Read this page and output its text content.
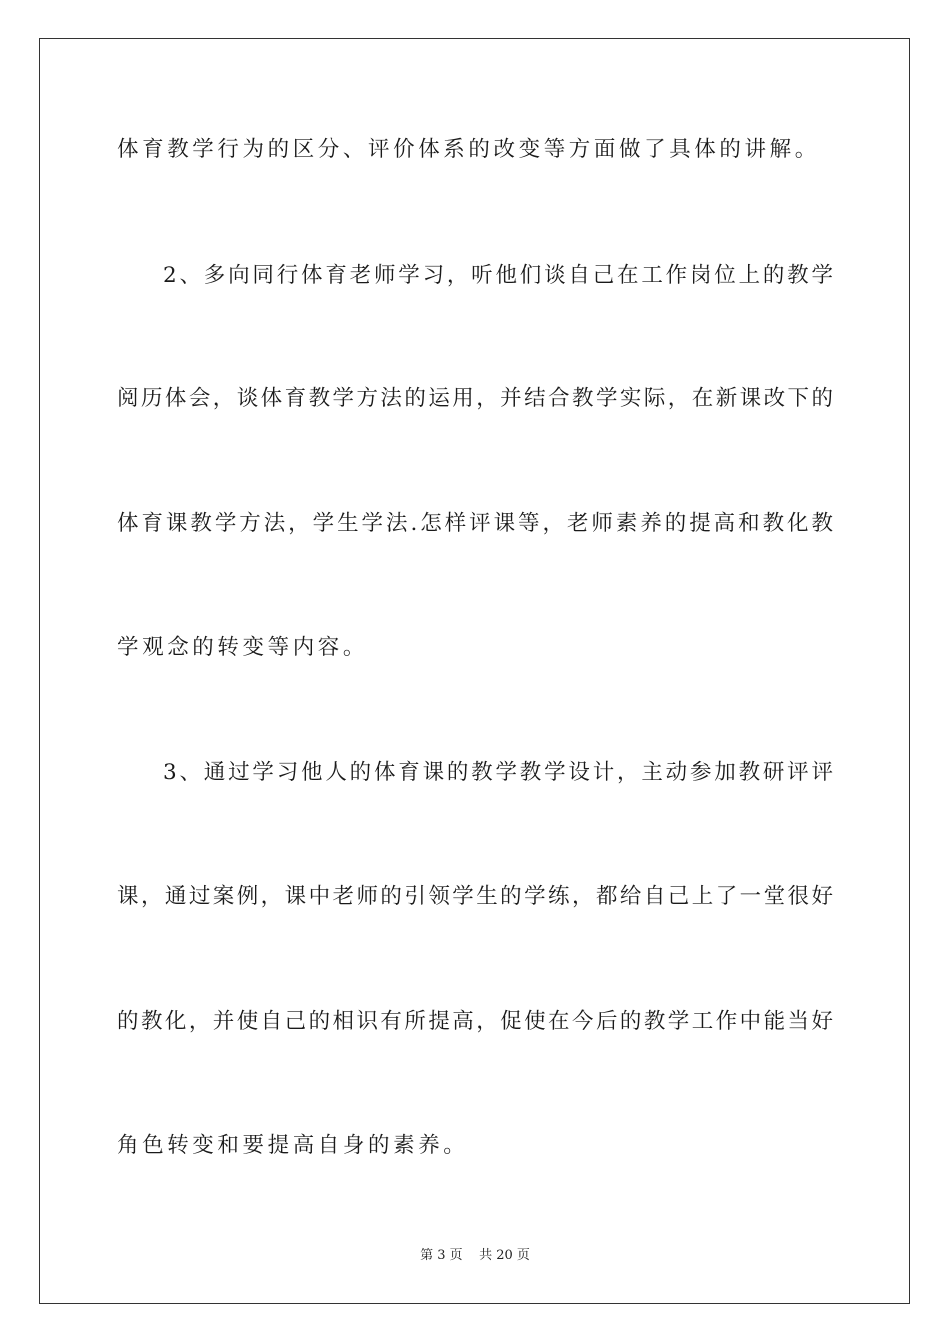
体育教学行为的区分、评价体系的改变等方面做了具体的讲解。
2、多向同行体育老师学习，听他们谈自己在工作岗位上的教学
阅历体会，谈体育教学方法的运用，并结合教学实际，在新课改下的
体育课教学方法，学生学法.怎样评课等，老师素养的提高和教化教
学观念的转变等内容。
3、通过学习他人的体育课的教学教学设计，主动参加教研评评
课，通过案例，课中老师的引领学生的学练，都给自己上了一堂很好
的教化，并使自己的相识有所提高，促使在今后的教学工作中能当好
角色转变和要提高自身的素养。
第 3 页    共 20 页
